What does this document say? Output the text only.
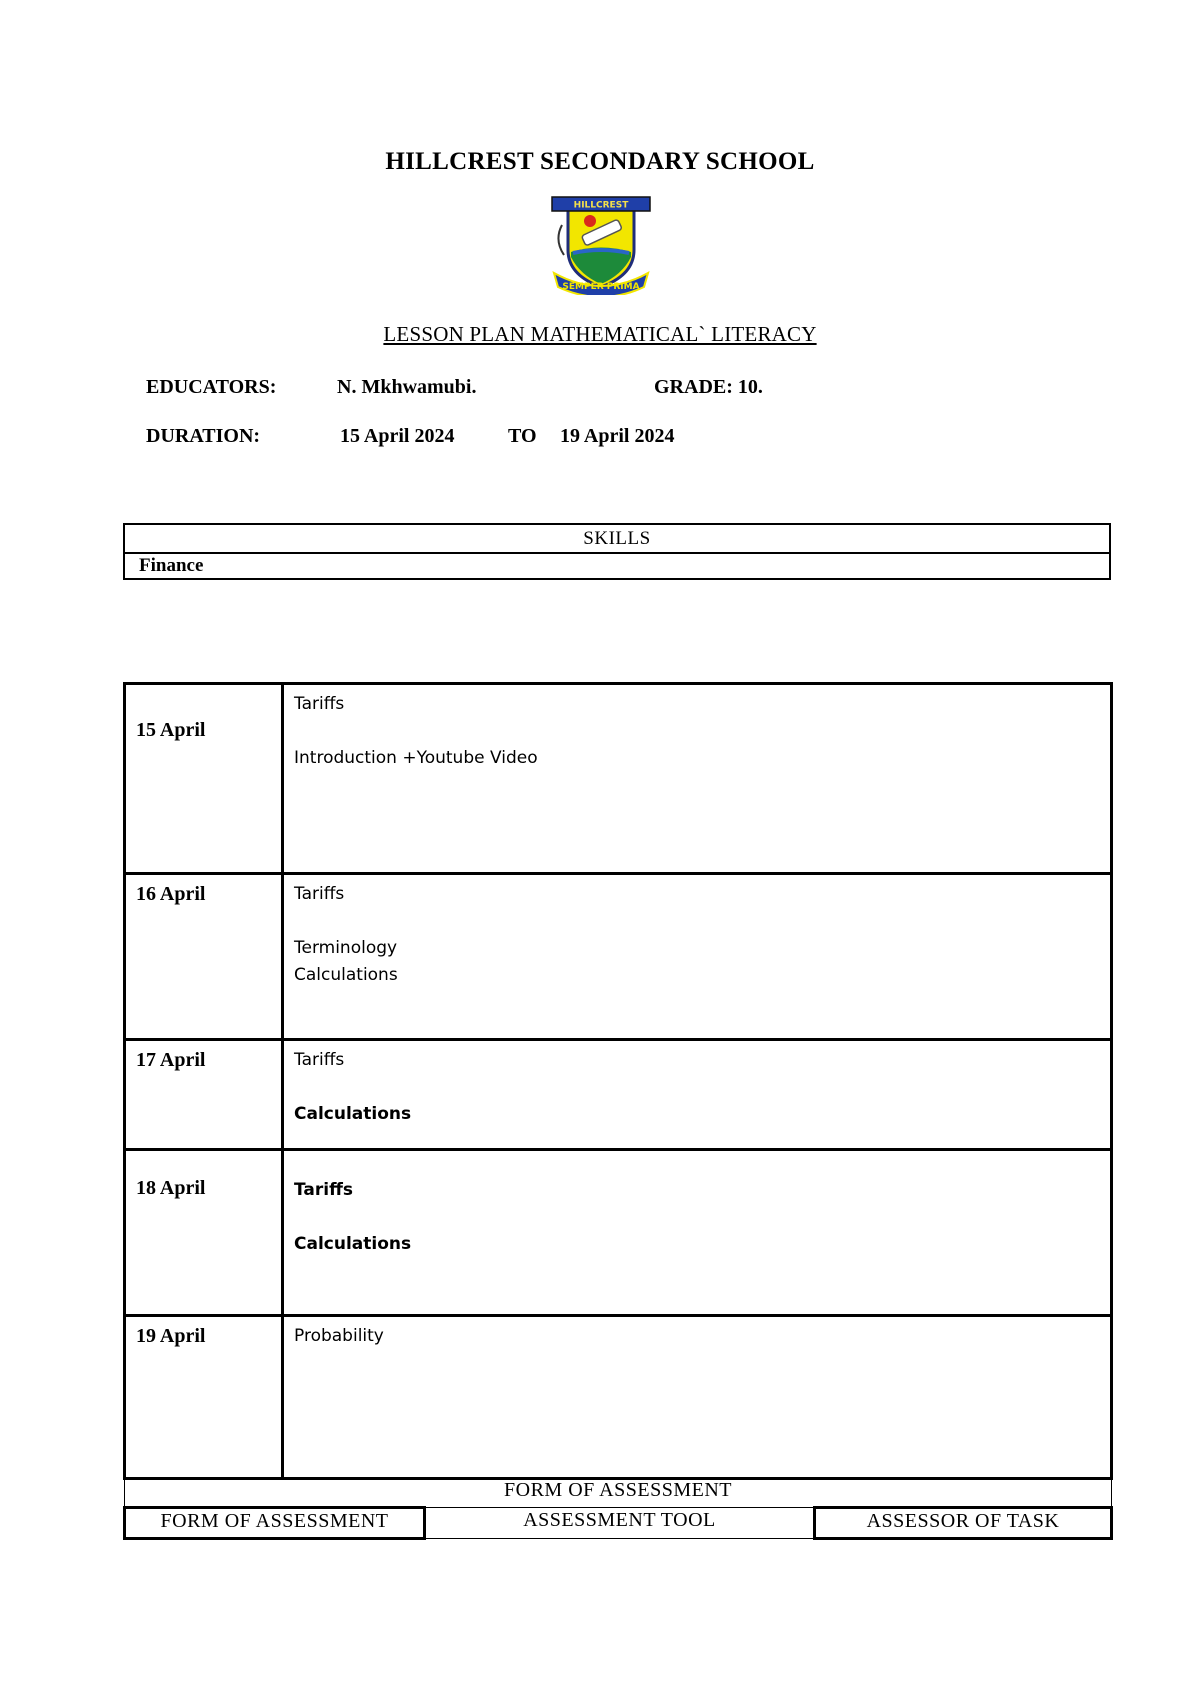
HILLCREST SECONDARY SCHOOL
HILLCREST
SEMPER PRIMA
LESSON PLAN MATHEMATICAL` LITERACY
EDUCATORS:	N. Mkhwamubi.	GRADE: 10.
DURATION:	15 April 2024	TO 19 April 2024
SKILLS
Finance
15 April	Tariffs
Introduction +Youtube Video

16 April	Tariffs
Terminology
Calculations

17 April	Tariffs
Calculations

18 April	Tariffs
Calculations

19 April	Probability
FORM OF ASSESSMENT
FORM OF ASSESSMENT	ASSESSMENT TOOL	ASSESSOR OF TASK
